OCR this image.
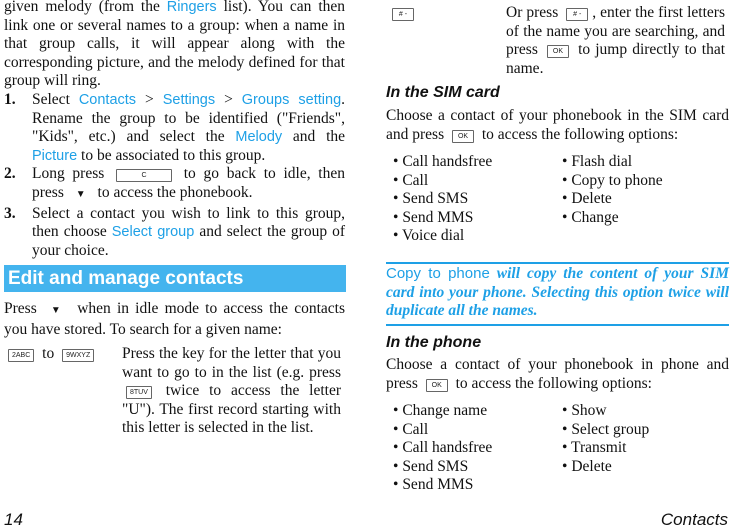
given melody (from the Ringers list). You can then link one or several names to a group: when a name in that group calls, it will appear along with the corresponding picture, and the melody defined for that group will ring.
1. Select Contacts > Settings > Groups setting. Rename the group to be identified ("Friends", "Kids", etc.) and select the Melody and the Picture to be associated to this group.
2. Long press	C to go back to idle, then press ▼ to access the phonebook.
3. Select a contact you wish to link to this group, then choose Select group and select the group of your choice.
Edit and manage contacts
Press ▼ when in idle mode to access the contacts you have stored. To search for a given name:
2ABC to 9WXYZ	Press the key for the letter that you want to go to in the list (e.g. press 8TUV twice to access the letter "U"). The first record starting with this letter is selected in the list.
# -	Or press # - , enter the first letters of the name you are searching, and press OK to jump directly to that name.
In the SIM card
Choose a contact of your phonebook in the SIM card and press OK to access the following options:
• Call handsfree
• Call
• Send SMS
• Send MMS
• Voice dial
• Flash dial
• Copy to phone
• Delete
• Change
Copy to phone will copy the content of your SIM card into your phone. Selecting this option twice will duplicate all the names.
In the phone
Choose a contact of your phonebook in phone and press OK to access the following options:
• Change name
• Call
• Call handsfree
• Send SMS
• Send MMS
• Show
• Select group
• Transmit
• Delete
14	Contacts
